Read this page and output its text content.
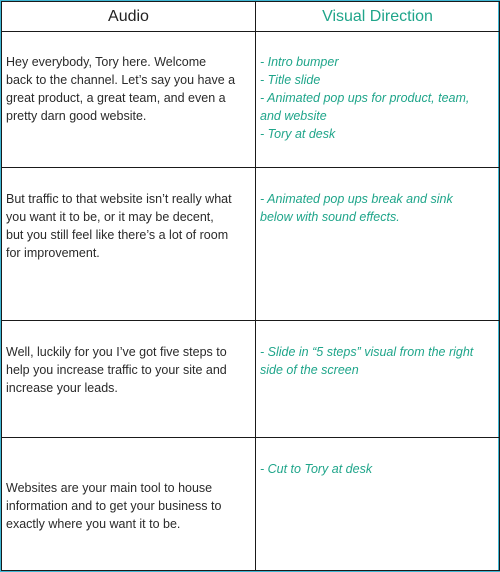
Audio	Visual Direction

Hey everybody, Tory here. Welcome
back to the channel. Let’s say you have a
great product, a great team, and even a
pretty darn good website.	- Intro bumper
- Title slide
- Animated pop ups for product, team,
and website
- Tory at desk

But traffic to that website isn’t really what
you want it to be, or it may be decent,
but you still feel like there’s a lot of room
for improvement.	- Animated pop ups break and sink
below with sound effects.

Well, luckily for you I’ve got five steps to
help you increase traffic to your site and
increase your leads.	- Slide in “5 steps” visual from the right
side of the screen

Websites are your main tool to house
information and to get your business to
exactly where you want it to be.	- Cut to Tory at desk
